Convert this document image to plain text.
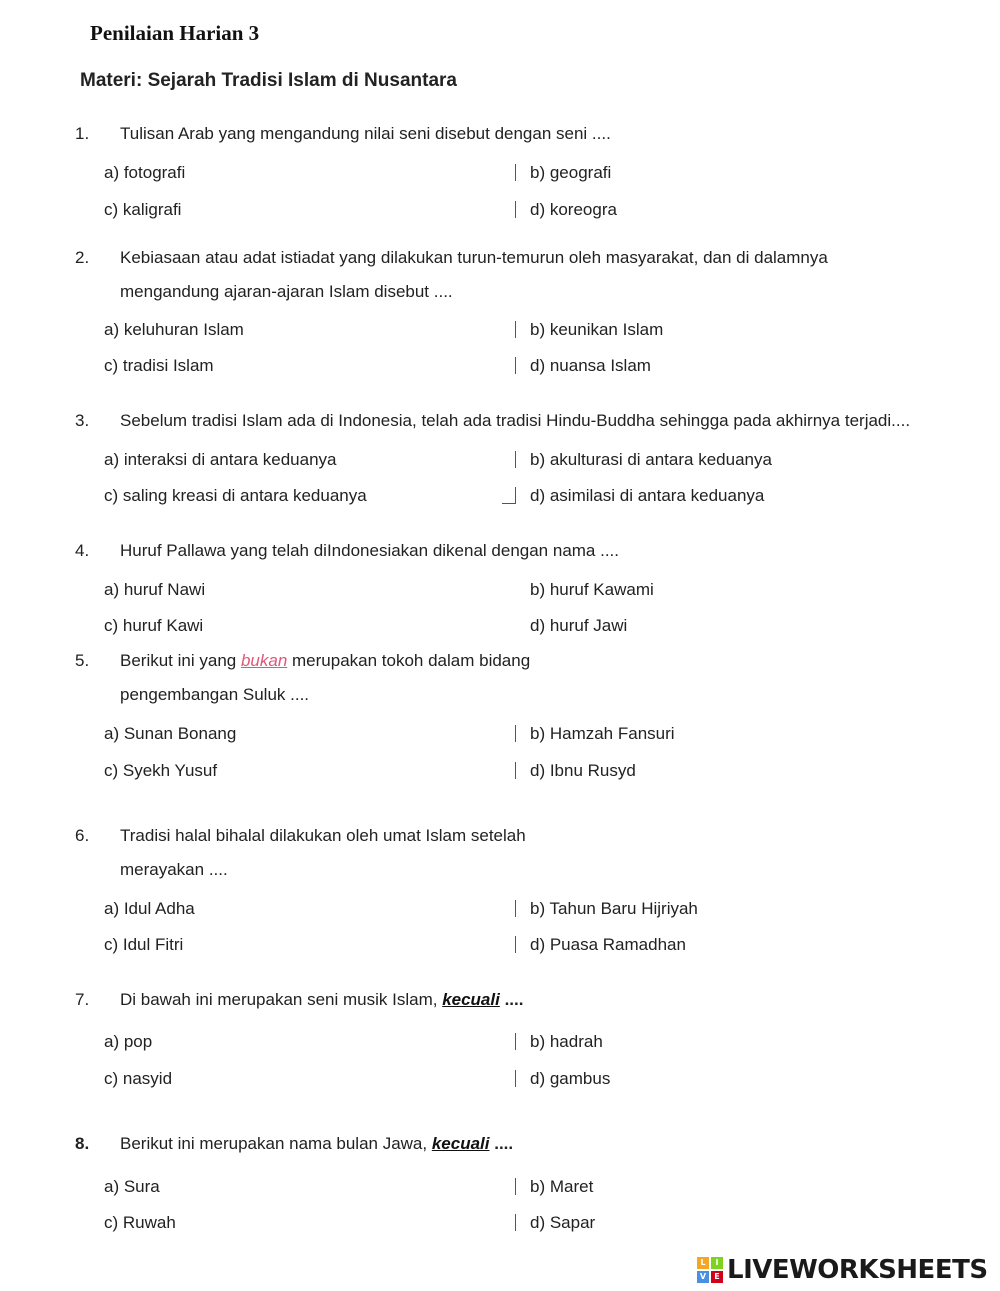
Penilaian Harian 3
Materi: Sejarah Tradisi Islam di Nusantara
1.	Tulisan Arab yang mengandung nilai seni disebut dengan seni ....
a) fotografi	b) geografi
c) kaligrafi	d) koreogra
2.	Kebiasaan atau adat istiadat yang dilakukan turun-temurun oleh masyarakat, dan di dalamnya
mengandung ajaran-ajaran Islam disebut ....
a) keluhuran Islam	b) keunikan Islam
c) tradisi Islam	d) nuansa Islam
3.	Sebelum tradisi Islam ada di Indonesia, telah ada tradisi Hindu-Buddha sehingga pada akhirnya terjadi....
a) interaksi di antara keduanya	b) akulturasi di antara keduanya
c) saling kreasi di antara keduanya	d) asimilasi di antara keduanya
4.	Huruf Pallawa yang telah diIndonesiakan dikenal dengan nama ....
a) huruf Nawi	b) huruf Kawami
c) huruf Kawi	d) huruf Jawi
5.	Berikut ini yang bukan merupakan tokoh dalam bidang
pengembangan Suluk ....
a) Sunan Bonang	b) Hamzah Fansuri
c) Syekh Yusuf	d) Ibnu Rusyd
6.	Tradisi halal bihalal dilakukan oleh umat Islam setelah
merayakan ....
a) Idul Adha	b) Tahun Baru Hijriyah
c) Idul Fitri	d) Puasa Ramadhan
7.	Di bawah ini merupakan seni musik Islam, kecuali ....
a) pop	b) hadrah
c) nasyid	d) gambus
8.	Berikut ini merupakan nama bulan Jawa, kecuali ....
a) Sura	b) Maret
c) Ruwah	d) Sapar
L	I
V	E LIVEWORKSHEETS
